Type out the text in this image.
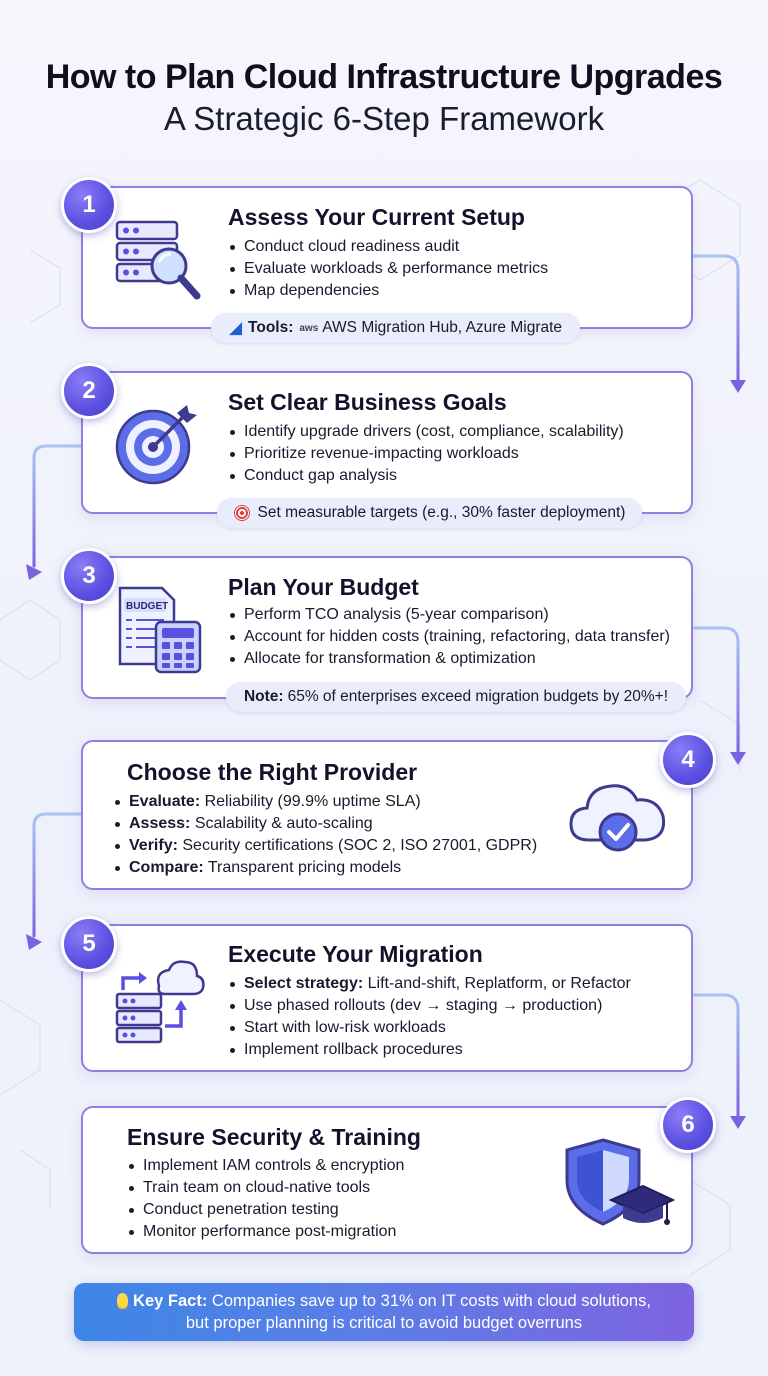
How to Plan Cloud Infrastructure Upgrades
A Strategic 6-Step Framework
Assess Your Current Setup
Conduct cloud readiness audit
Evaluate workloads & performance metrics
Map dependencies
◢ Tools: aws AWS Migration Hub, Azure Migrate
1
Set Clear Business Goals
Identify upgrade drivers (cost, compliance, scalability)
Prioritize revenue-impacting workloads
Conduct gap analysis
Set measurable targets (e.g., 30% faster deployment)
2
BUDGET
Plan Your Budget
Perform TCO analysis (5-year comparison)
Account for hidden costs (training, refactoring, data transfer)
Allocate for transformation & optimization
Note: 65% of enterprises exceed migration budgets by 20%+!
3
Choose the Right Provider
Evaluate: Reliability (99.9% uptime SLA)
Assess: Scalability & auto-scaling
Verify: Security certifications (SOC 2, ISO 27001, GDPR)
Compare: Transparent pricing models
4
Execute Your Migration
Select strategy: Lift-and-shift, Replatform, or Refactor
Use phased rollouts (dev → staging → production)
Start with low-risk workloads
Implement rollback procedures
5
Ensure Security & Training
Implement IAM controls & encryption
Train team on cloud-native tools
Conduct penetration testing
Monitor performance post-migration
6
Key Fact: Companies save up to 31% on IT costs with cloud solutions,
but proper planning is critical to avoid budget overruns
